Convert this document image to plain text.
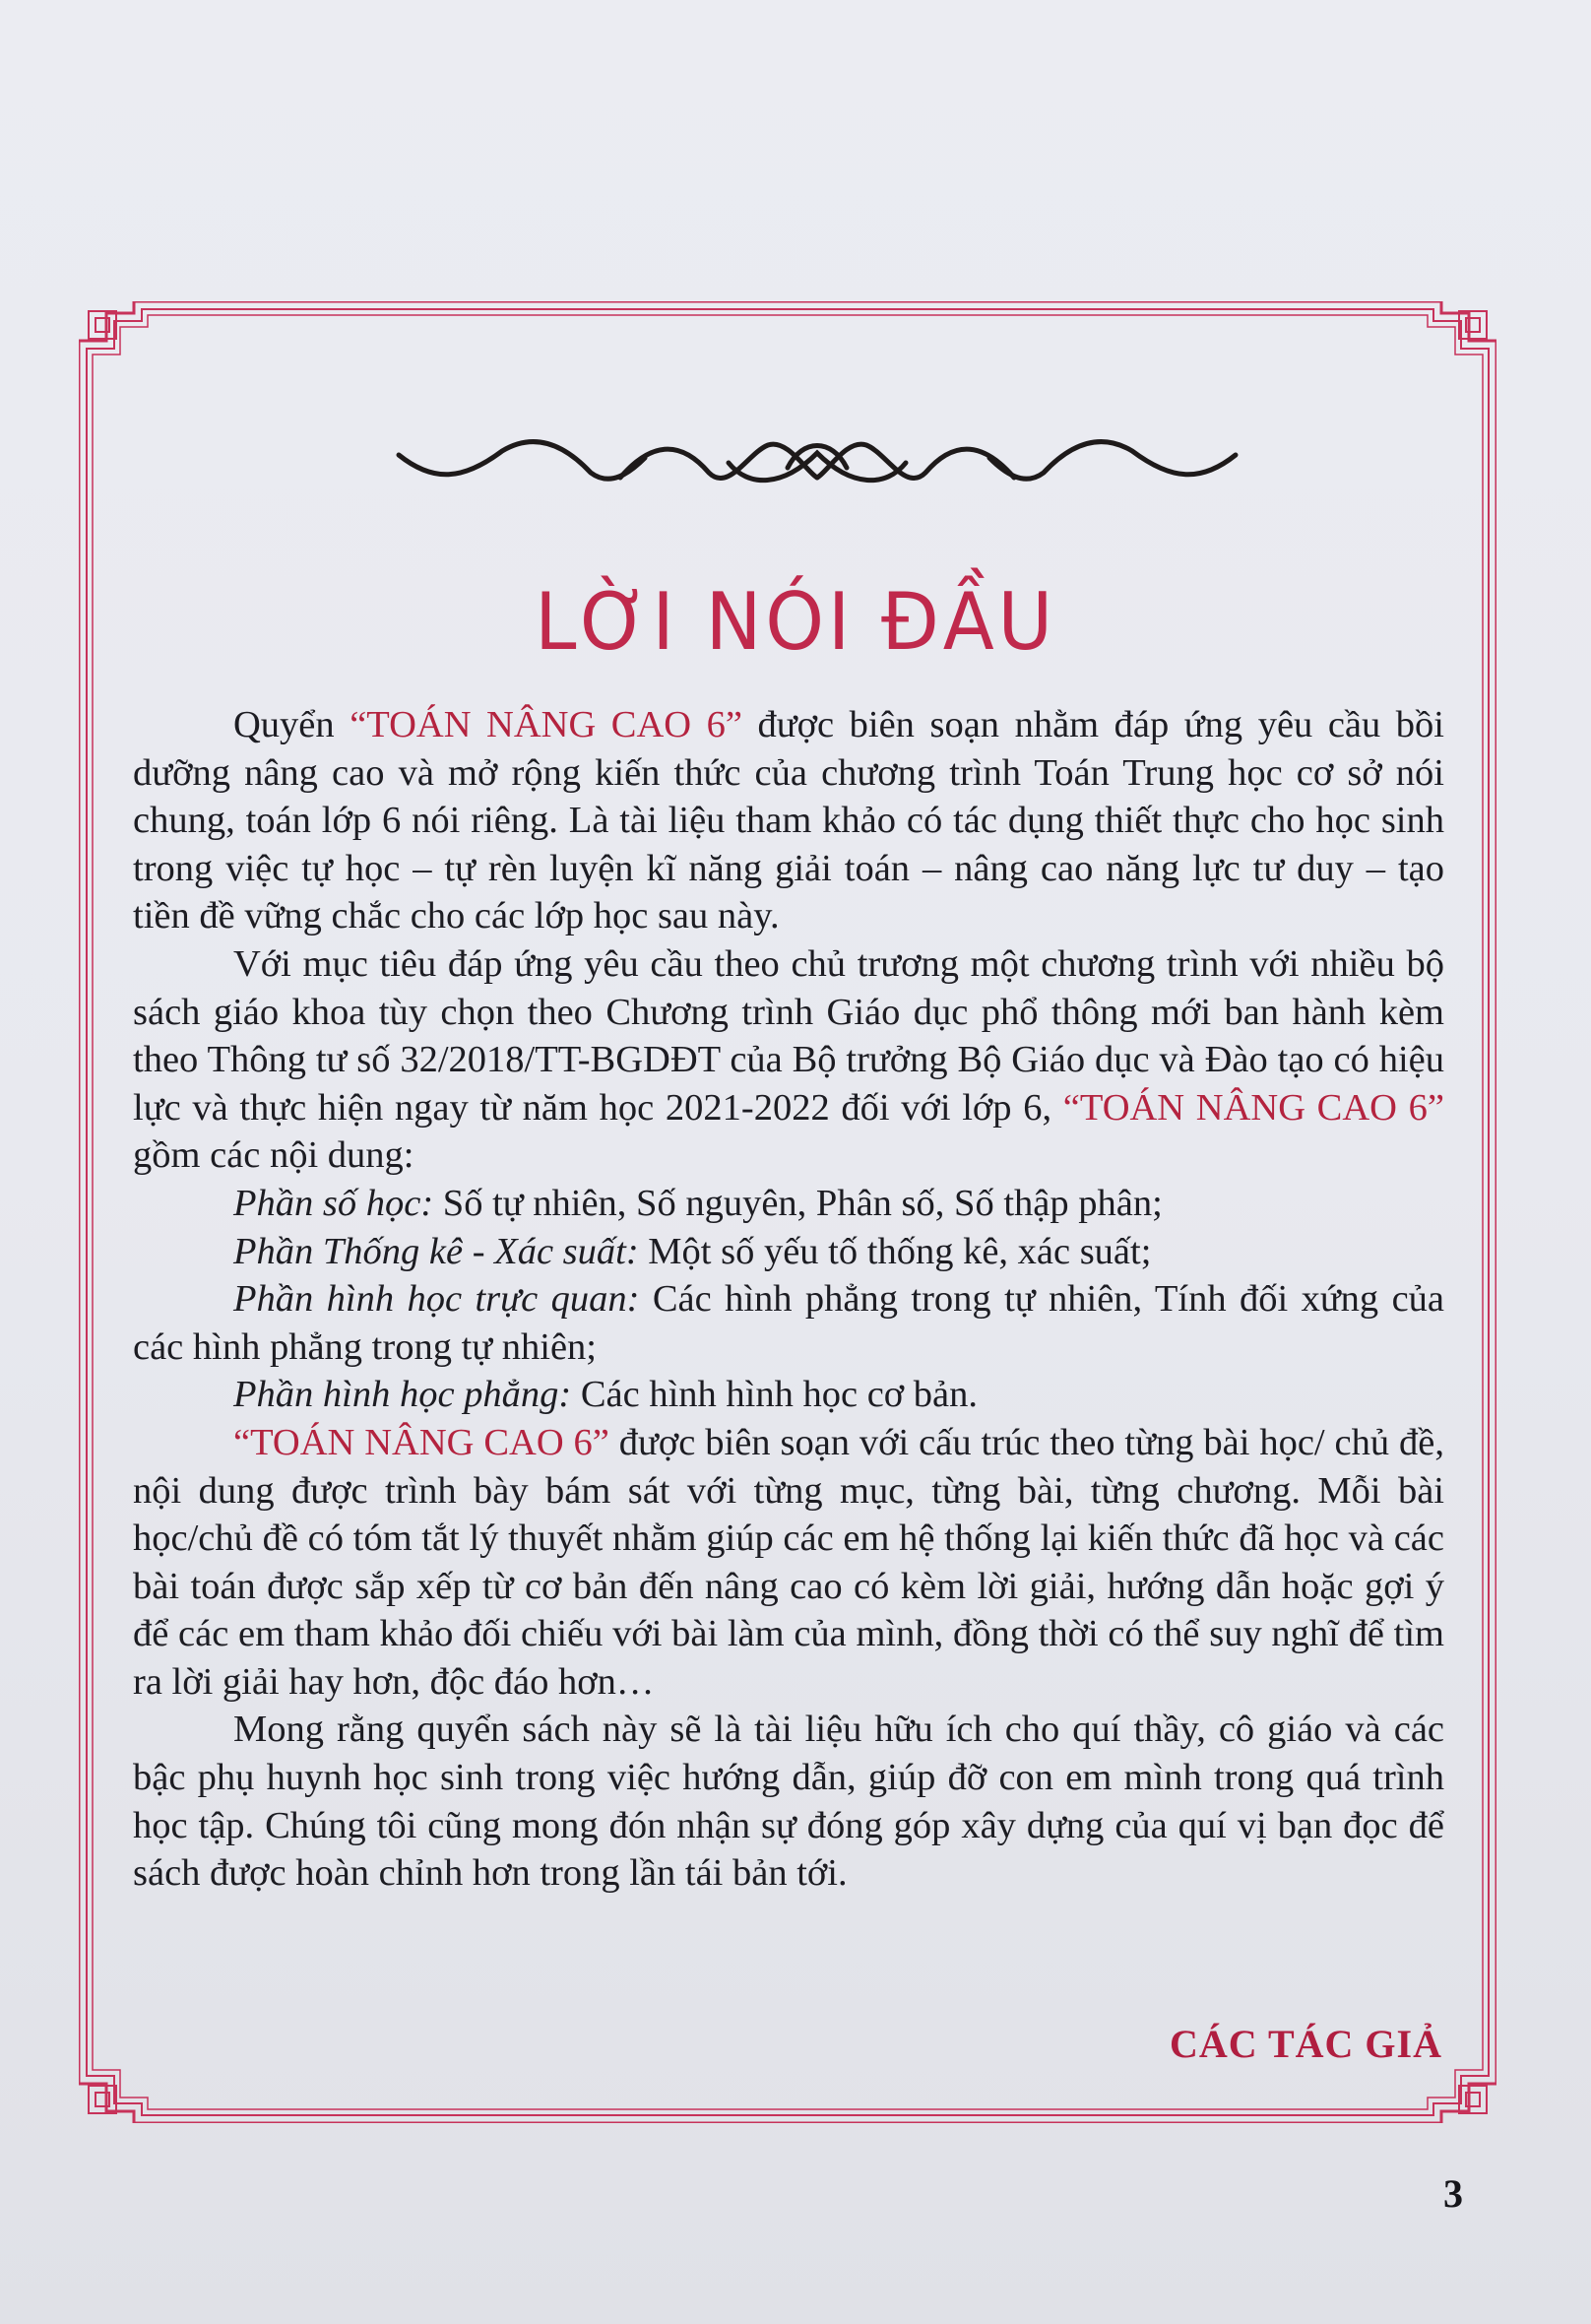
LỜI NÓI ĐẦU

Quyển “TOÁN NÂNG CAO 6” được biên soạn nhằm đáp ứng yêu cầu bồi dưỡng nâng cao và mở rộng kiến thức của chương trình Toán Trung học cơ sở nói chung, toán lớp 6 nói riêng. Là tài liệu tham khảo có tác dụng thiết thực cho học sinh trong việc tự học – tự rèn luyện kĩ năng giải toán – nâng cao năng lực tư duy – tạo tiền đề vững chắc cho các lớp học sau này.

Với mục tiêu đáp ứng yêu cầu theo chủ trương một chương trình với nhiều bộ sách giáo khoa tùy chọn theo Chương trình Giáo dục phổ thông mới ban hành kèm theo Thông tư số 32/2018/TT-BGDĐT của Bộ trưởng Bộ Giáo dục và Đào tạo có hiệu lực và thực hiện ngay từ năm học 2021-2022 đối với lớp 6, “TOÁN NÂNG CAO 6” gồm các nội dung:

Phần số học: Số tự nhiên, Số nguyên, Phân số, Số thập phân;

Phần Thống kê - Xác suất: Một số yếu tố thống kê, xác suất;

Phần hình học trực quan: Các hình phẳng trong tự nhiên, Tính đối xứng của các hình phẳng trong tự nhiên;

Phần hình học phẳng: Các hình hình học cơ bản.

“TOÁN NÂNG CAO 6” được biên soạn với cấu trúc theo từng bài học/ chủ đề, nội dung được trình bày bám sát với từng mục, từng bài, từng chương. Mỗi bài học/chủ đề có tóm tắt lý thuyết nhằm giúp các em hệ thống lại kiến thức đã học và các bài toán được sắp xếp từ cơ bản đến nâng cao có kèm lời giải, hướng dẫn hoặc gợi ý để các em tham khảo đối chiếu với bài làm của mình, đồng thời có thể suy nghĩ để tìm ra lời giải hay hơn, độc đáo hơn…

Mong rằng quyển sách này sẽ là tài liệu hữu ích cho quí thầy, cô giáo và các bậc phụ huynh học sinh trong việc hướng dẫn, giúp đỡ con em mình trong quá trình học tập. Chúng tôi cũng mong đón nhận sự đóng góp xây dựng của quí vị bạn đọc để sách được hoàn chỉnh hơn trong lần tái bản tới.

CÁC TÁC GIẢ
3
